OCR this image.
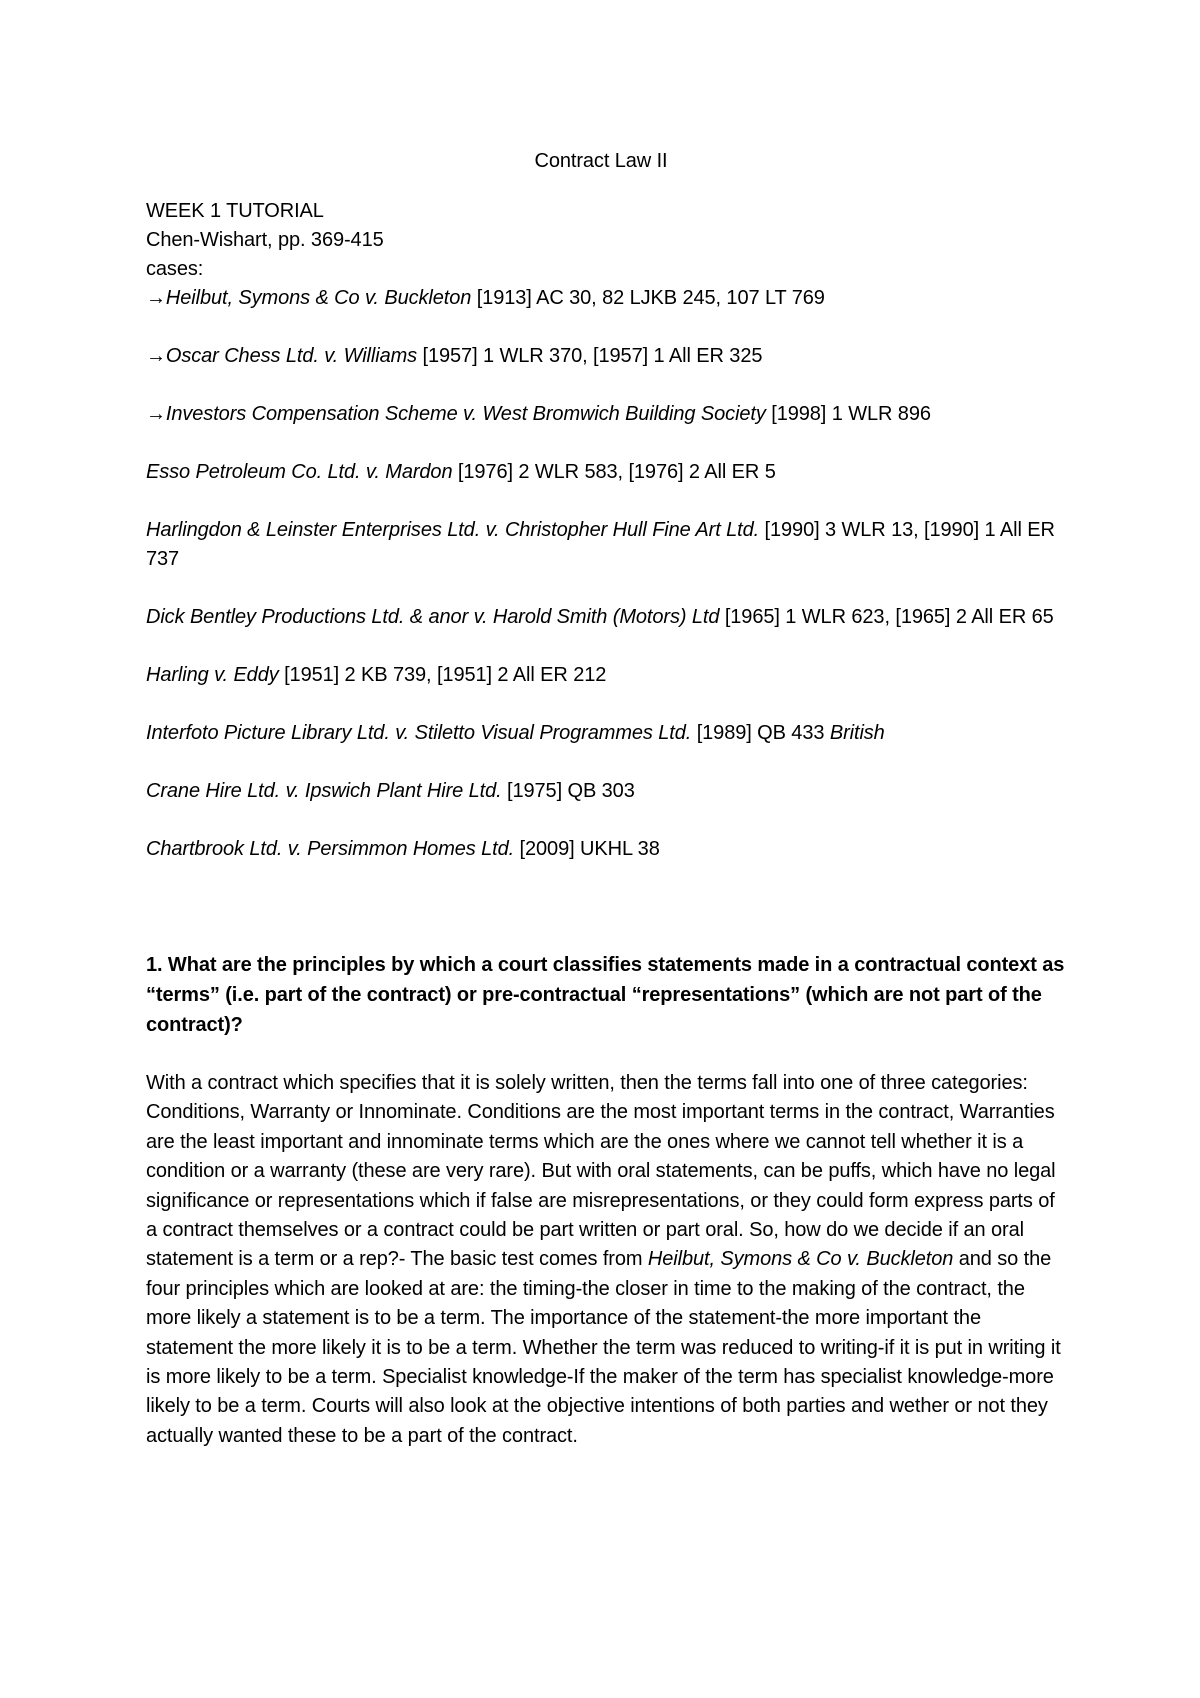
Contract Law II

WEEK 1 TUTORIAL

Chen-Wishart, pp. 369-415

cases:

→Heilbut, Symons & Co v. Buckleton [1913] AC 30, 82 LJKB 245, 107 LT 769
→Oscar Chess Ltd. v. Williams [1957] 1 WLR 370, [1957] 1 All ER 325
→Investors Compensation Scheme v. West Bromwich Building Society [1998] 1 WLR 896
Esso Petroleum Co. Ltd. v. Mardon [1976] 2 WLR 583, [1976] 2 All ER 5
Harlingdon & Leinster Enterprises Ltd. v. Christopher Hull Fine Art Ltd. [1990] 3 WLR 13, [1990] 1 All ER 737
Dick Bentley Productions Ltd. & anor v. Harold Smith (Motors) Ltd [1965] 1 WLR 623, [1965] 2 All ER 65
Harling v. Eddy [1951] 2 KB 739, [1951] 2 All ER 212
Interfoto Picture Library Ltd. v. Stiletto Visual Programmes Ltd. [1989] QB 433 British
Crane Hire Ltd. v. Ipswich Plant Hire Ltd. [1975] QB 303
Chartbrook Ltd. v. Persimmon Homes Ltd. [2009] UKHL 38

1. What are the principles by which a court classifies statements made in a contractual context as “terms” (i.e. part of the contract) or pre-contractual “representations” (which are not part of the contract)?

With a contract which specifies that it is solely written, then the terms fall into one of three categories: Conditions, Warranty or Innominate. Conditions are the most important terms in the contract, Warranties are the least important and innominate terms which are the ones where we cannot tell whether it is a condition or a warranty (these are very rare). But with oral statements, can be puffs, which have no legal significance or representations which if false are misrepresentations, or they could form express parts of a contract themselves or a contract could be part written or part oral. So, how do we decide if an oral statement is a term or a rep?- The basic test comes from Heilbut, Symons & Co v. Buckleton and so the four principles which are looked at are: the timing-the closer in time to the making of the contract, the more likely a statement is to be a term. The importance of the statement-the more important the statement the more likely it is to be a term. Whether the term was reduced to writing-if it is put in writing it is more likely to be a term. Specialist knowledge-If the maker of the term has specialist knowledge-more likely to be a term. Courts will also look at the objective intentions of both parties and wether or not they actually wanted these to be a part of the contract.
